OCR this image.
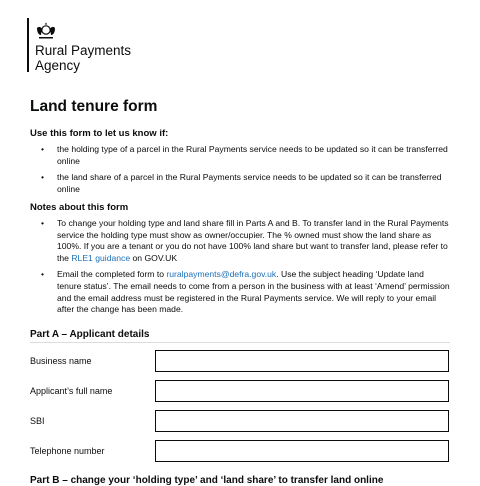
Rural Payments
Agency
Land tenure form
Use this form to let us know if:
• the holding type of a parcel in the Rural Payments service needs to be updated so it can be transferred online
• the land share of a parcel in the Rural Payments service needs to be updated so it can be transferred online
Notes about this form
• To change your holding type and land share fill in Parts A and B. To transfer land in the Rural Payments service the holding type must show as owner/occupier. The % owned must show the land share as 100%. If you are a tenant or you do not have 100% land share but want to transfer land, please refer to the RLE1 guidance on GOV.UK
• Email the completed form to ruralpayments@defra.gov.uk. Use the subject heading ‘Update land tenure status’. The email needs to come from a person in the business with at least ‘Amend’ permission and the email address must be registered in the Rural Payments service. We will reply to your email after the change has been made.
Part A – Applicant details
Business name
Applicant’s full name
SBI
Telephone number
Part B – change your ‘holding type’ and ‘land share’ to transfer land online
